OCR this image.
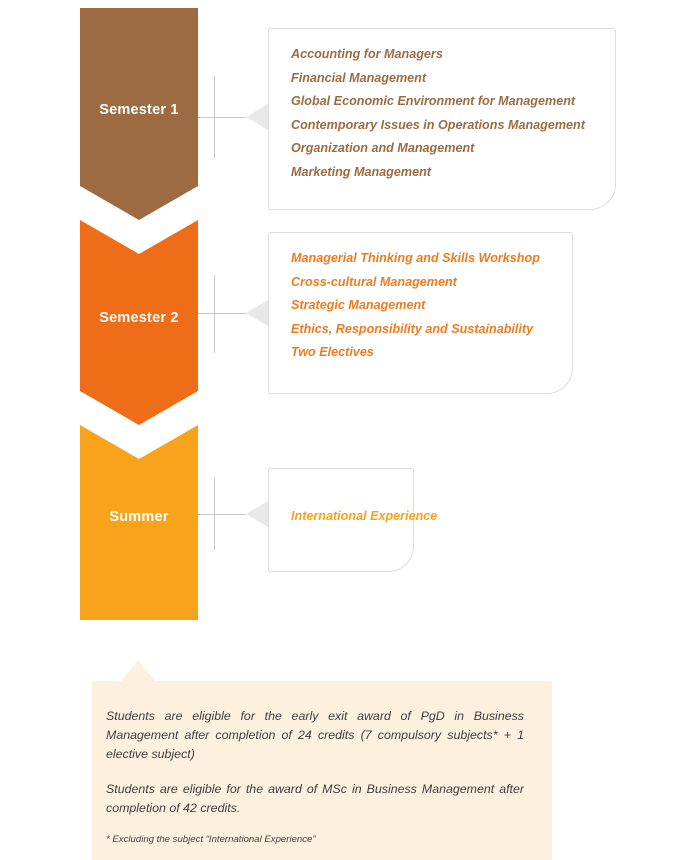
Semester 1
Semester 2
Summer
Accounting for Managers
Financial Management
Global Economic Environment for Management
Contemporary Issues in Operations Management
Organization and Management
Marketing Management
Managerial Thinking and Skills Workshop
Cross-cultural Management
Strategic Management
Ethics, Responsibility and Sustainability
Two Electives
International Experience

Students are eligible for the early exit award of PgD in Business Management after completion of 24 credits (7 compulsory subjects* + 1 elective subject)

Students are eligible for the award of MSc in Business Management after completion of 42 credits.

* Excluding the subject “International Experience”
